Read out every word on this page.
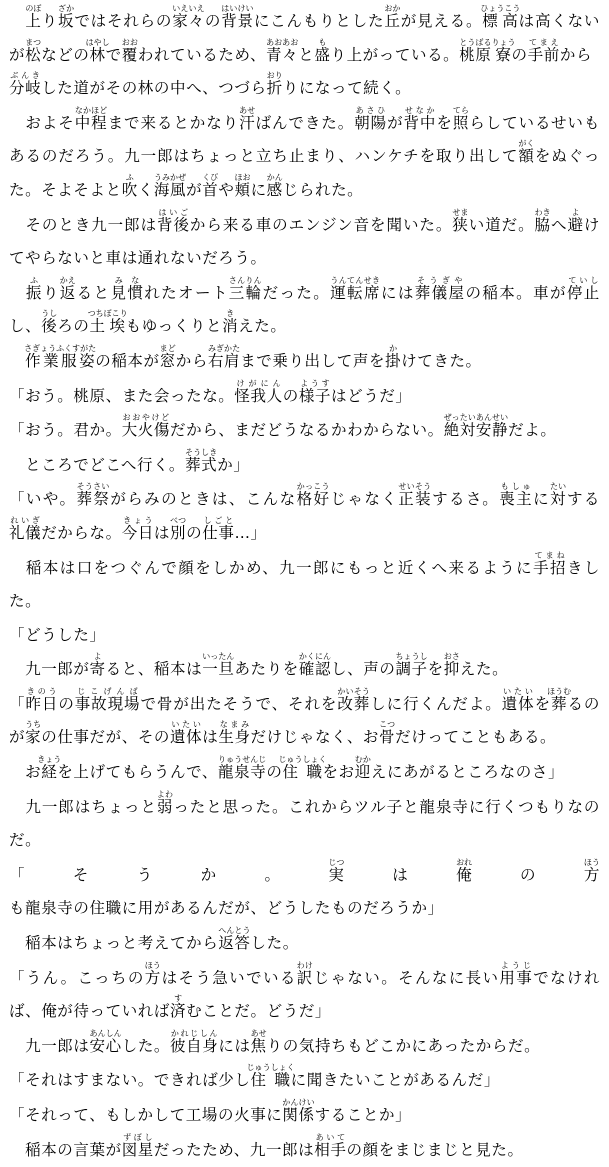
　上のぼり坂ざかではそれらの家々いえいえの背景はいけいにこんもりとした丘おかが見える。標高ひょうこうは高くないが松まつなどの林はやしで覆おおわれているため、青々あおあおと盛もり上がっている。桃原とうばる寮りょうの手前てまえから分岐ぶんきした道がその林の中へ、つづら折おりりになって続く。

　およそ中程なかほどまで来るとかなり汗あせばんできた。朝陽あさひが背中せなかを照てららしているせいもあるのだろう。九一郎はちょっと立ち止まり、ハンケチを取り出して額がくをぬぐった。そよそよと吹ふく海風うみかぜが首くびや頬ほおに感かんじられた。

　そのとき九一郎は背後はいごから来る車のエンジン音を聞いた。狭せまい道だ。脇わきへ避よけてやらないと車は通れないだろう。

　振ふり返かえると見慣みなれたオート三輪さんりんだった。運転席うんてんせきには葬儀屋そうぎやの稲本。車が停止ていしし、後うしろの土埃つちぼこりもゆっくりと消きえた。

　作業服姿さぎょうふくすがたの稲本が窓まどから右肩みぎかたまで乗り出して声を掛かけてきた。

「おう。桃原、また会ったな。怪我人けがにんの様子ようすはどうだ」

「おう。君か。大火傷おおやけどだから、まだどうなるかわからない。絶対安静ぜったいあんせいだよ。

　ところでどこへ行く。葬式そうしきか」

「いや。葬祭そうさいがらみのときは、こんな格好かっこうじゃなく正装せいそうするさ。喪主もしゅに対たいする礼儀れいぎだからな。今日きょうは別べつの仕事しごと…」

　稲本は口をつぐんで顔をしかめ、九一郎にもっと近くへ来るように手招てまねきした。

「どうした」

　九一郎が寄よると、稲本は一旦いったんあたりを確認かくにんし、声の調子ちょうしを抑おさえた。

「昨日きのうの事故現場じこげんばで骨が出たそうで、それを改葬かいそうしに行くんだよ。遺体いたいを葬ほうむるのが家うちの仕事だが、その遺体いたいは生身なまみだけじゃなく、お骨こつだけってこともある。

　お経きょうを上げてもらうんで、龍泉寺りゅうせんじの住職じゅうしょくをお迎むかえにあがるところなのさ」

　九一郎はちょっと弱よわったと思った。これからツル子と龍泉寺に行くつもりなのだ。

「そうか。実じつは俺おれの方ほうも龍泉寺の住職に用があるんだが、どうしたものだろうか」

　稲本はちょっと考えてから返答へんとうした。

「うん。こっちの方ほうはそう急いでいる訳わけじゃない。そんなに長い用事ようじでなければ、俺が待っていれば済すむことだ。どうだ」

　九一郎は安心あんしんした。彼自身かれじしんには焦あせりの気持ちもどこかにあったからだ。

「それはすまない。できれば少し住職じゅうしょくに聞きたいことがあるんだ」

「それって、もしかして工場の火事に関係かんけいすることか」

　稲本の言葉が図星ずぼしだったため、九一郎は相手あいての顔をまじまじと見た。
